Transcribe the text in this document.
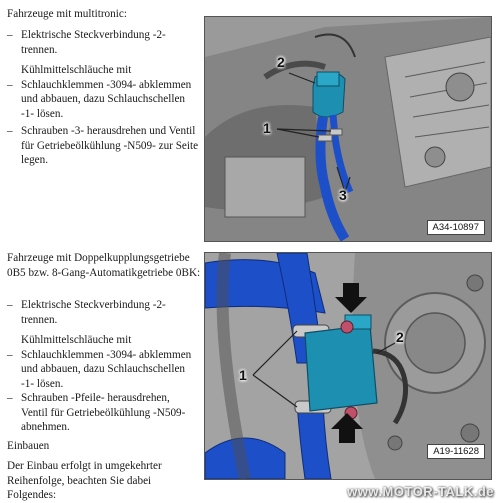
Fahrzeuge mit multitronic:
– Elektrische Steckverbindung -2- trennen.
–
Kühlmittelschläuche mit Schlauchklemmen -3094- abklemmen und abbauen, dazu Schlauchschellen -1- lösen.
– Schrauben -3- herausdrehen und Ventil für Getriebeölkühlung -N509- zur Seite legen.
2
1
3
A34-10897
Fahrzeuge mit Doppelkupplungsgetriebe 0B5 bzw. 8-Gang-Automatikgetriebe 0BK:
– Elektrische Steckverbindung -2- trennen.
–
Kühlmittelschläuche mit Schlauchklemmen -3094- abklemmen und abbauen, dazu Schlauchschellen -1- lösen.
– Schrauben -Pfeile- herausdrehen, Ventil für Getriebeölkühlung -N509- abnehmen.
Einbauen
Der Einbau erfolgt in umgekehrter Reihenfolge, beachten Sie dabei Folgendes:
2
1
A19-11628
www.MOTOR-TALK.de
